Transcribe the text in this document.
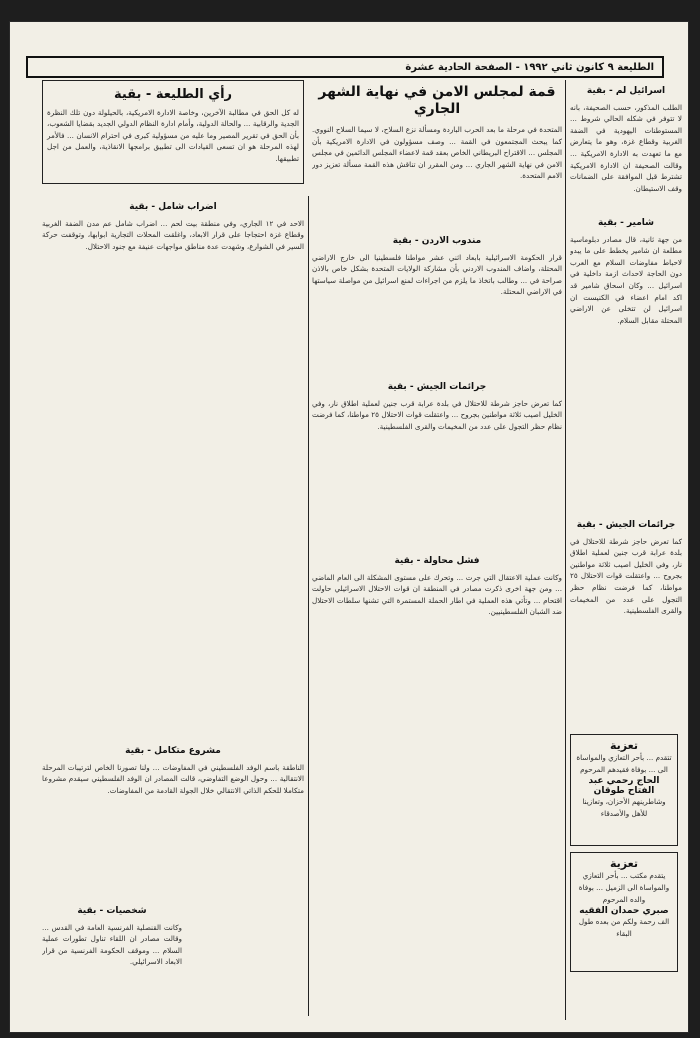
الطليعة ٩ كانون ثاني ١٩٩٢ - الصفحة الحادية عشرة
رأي الطليعة - بقية
له كل الحق في مطالبة الآخرين، وخاصة الادارة الامريكية، بالحيلولة دون تلك النظرة الجدية والرقابية ... والحالة الدولية، وأمام ادارة النظام الدولي الجديد بقضايا الشعوب، بأن الحق في تقرير المصير وما عليه من مسؤولية كبرى في احترام الانسان ... فالأمر لهذه المرحلة هو ان تسعى القيادات الى تطبيق برامجها الانقاذية، والعمل من اجل تطبيقها.
قمة لمجلس الامن في نهاية الشهر الجاري
المتحدة في مرحلة ما بعد الحرب الباردة ومسألة نزع السلاح، لا سيما السلاح النووي. كما يبحث المجتمعون في القمة ... وصف مسؤولون في الادارة الامريكية بأن المجلس ... الاقتراح البريطاني الخاص بعقد قمة لاعضاء المجلس الدائمين في مجلس الامن في نهاية الشهر الجاري ... ومن المقرر ان تناقش هذه القمة مسألة تعزيز دور الامم المتحدة.
اسرائيل لم - بقية
الطلب المذكور، حسب الصحيفة، بانه لا تتوفر في شكله الحالي شروط ... المستوطنات اليهودية في الضفة الغربية وقطاع غزة، وهو ما يتعارض مع ما تعهدت به الادارة الامريكية ... وقالت الصحيفة ان الادارة الامريكية تشترط قبل الموافقة على الضمانات وقف الاستيطان.
شامير - بقية
من جهة ثانية، قال مصادر دبلوماسية مطلعة ان شامير يخطط على ما يبدو لاحباط مفاوضات السلام مع العرب دون الحاجة لاحداث ازمة داخلية في اسرائيل ... وكان اسحاق شامير قد اكد امام اعضاء في الكنيست ان اسرائيل لن تتخلى عن الاراضي المحتلة مقابل السلام.
جرائمات الجيش - بقية
كما تعرض حاجز شرطة للاحتلال في بلدة عرابة قرب جنين لعملية اطلاق نار، وفي الخليل اصيب ثلاثة مواطنين بجروح ... واعتقلت قوات الاحتلال ٢٥ مواطنا، كما فرضت نظام حظر التجول على عدد من المخيمات والقرى الفلسطينية.
تعزية
تتقدم ... بأحر التعازي والمواساة الى ... بوفاة فقيدهم المرحوم
الحاج رحمي عبد الفتاح طوقان
وشاطرينهم الأحزان، وتعازينا للأهل والأصدقاء
تعزية
يتقدم مكتب ... بأحر التعازي والمواساة الى الزميل ... بوفاة والده المرحوم
صبري حمدان الفقيه
الف رحمة ولكم من بعده طول البقاء
مندوب الاردن - بقية
قرار الحكومة الاسرائيلية بابعاد اثني عشر مواطنا فلسطينيا الى خارج الاراضي المحتلة، واضاف المندوب الاردني بأن مشاركة الولايات المتحدة بشكل خاص بالاذن صراحة في ... وطالب باتخاذ ما يلزم من اجراءات لمنع اسرائيل من مواصلة سياستها في الاراضي المحتلة.
جرائمات الجيش - بقية
كما تعرض حاجز شرطة للاحتلال في بلدة عرابة قرب جنين لعملية اطلاق نار، وفي الخليل اصيب ثلاثة مواطنين بجروح ... واعتقلت قوات الاحتلال ٢٥ مواطنا، كما فرضت نظام حظر التجول على عدد من المخيمات والقرى الفلسطينية.
فشل محاولة - بقية
وكانت عملية الاعتقال التي جرت ... وتحرك على مستوى المشكلة الى العام الماضي ... ومن جهة اخرى ذكرت مصادر في المنطقة ان قوات الاحتلال الاسرائيلي حاولت اقتحام ... وتأتي هذه العملية في اطار الحملة المستمرة التي تشنها سلطات الاحتلال ضد الشبان الفلسطينيين.
اضراب شامل - بقية
الاحد في ١٢ الجاري، وفي منطقة بيت لحم ... اضراب شامل عم مدن الضفة الغربية وقطاع غزة احتجاجا على قرار الابعاد، واغلقت المحلات التجارية ابوابها، وتوقفت حركة السير في الشوارع، وشهدت عدة مناطق مواجهات عنيفة مع جنود الاحتلال.
مشروع متكامل - بقية
الناطقة باسم الوفد الفلسطيني في المفاوضات ... ولنا تصورنا الخاص لترتيبات المرحلة الانتقالية ... وحول الوضع التفاوضي، قالت المصادر ان الوفد الفلسطيني سيقدم مشروعا متكاملا للحكم الذاتي الانتقالي خلال الجولة القادمة من المفاوضات.
شخصيات - بقية
وكانت القنصلية الفرنسية العامة في القدس ... وقالت مصادر ان اللقاء تناول تطورات عملية السلام ... وموقف الحكومة الفرنسية من قرار الابعاد الاسرائيلي.
